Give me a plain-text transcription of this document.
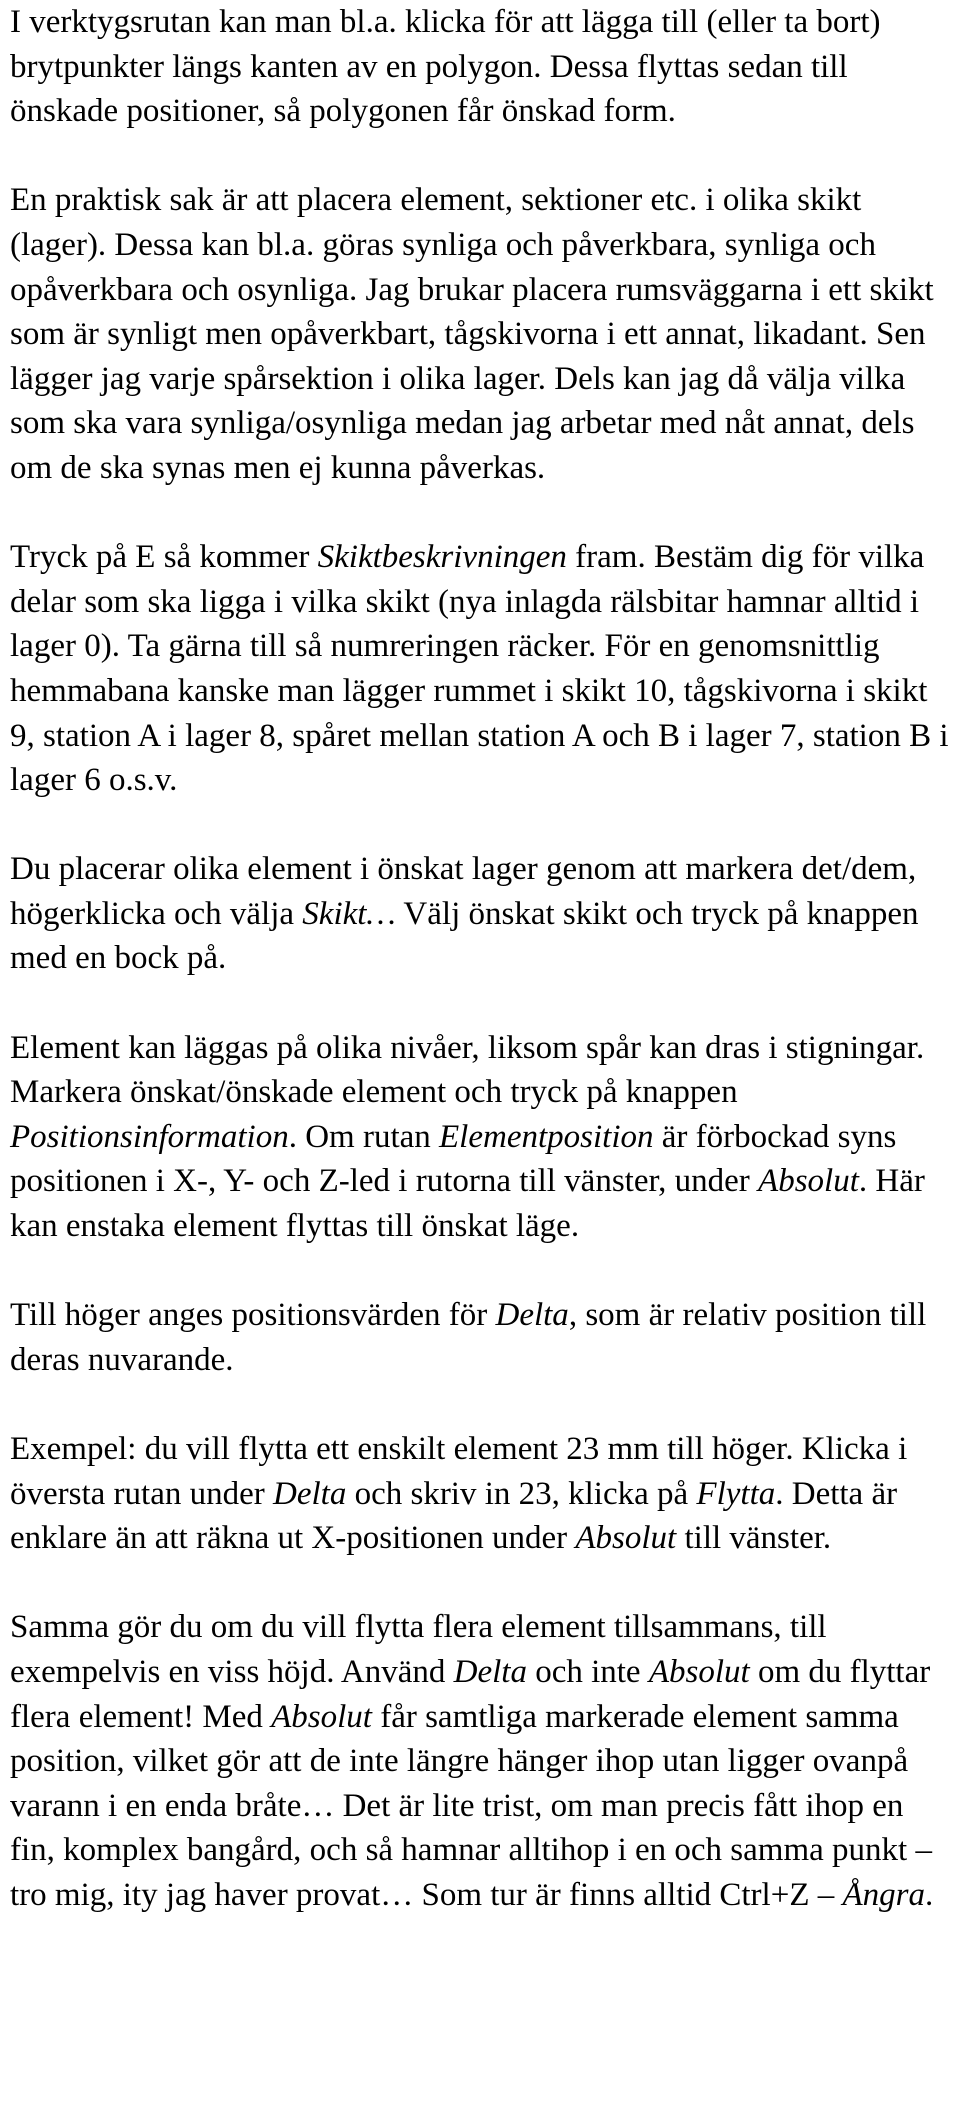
I verktygsrutan kan man bl.a. klicka för att lägga till (eller ta bort) brytpunkter längs kanten av en polygon. Dessa flyttas sedan till önskade positioner, så polygonen får önskad form.

En praktisk sak är att placera element, sektioner etc. i olika skikt (lager). Dessa kan bl.a. göras synliga och påverkbara, synliga och opåverkbara och osynliga. Jag brukar placera rumsväggarna i ett skikt som är synligt men opåverkbart, tågskivorna i ett annat, likadant. Sen lägger jag varje spårsektion i olika lager. Dels kan jag då välja vilka som ska vara synliga/osynliga medan jag arbetar med nåt annat, dels om de ska synas men ej kunna påverkas.

Tryck på E så kommer Skiktbeskrivningen fram. Bestäm dig för vilka delar som ska ligga i vilka skikt (nya inlagda rälsbitar hamnar alltid i lager 0). Ta gärna till så numreringen räcker. För en genomsnittlig hemmabana kanske man lägger rummet i skikt 10, tågskivorna i skikt 9, station A i lager 8, spåret mellan station A och B i lager 7, station B i lager 6 o.s.v.

Du placerar olika element i önskat lager genom att markera det/dem, högerklicka och välja Skikt… Välj önskat skikt och tryck på knappen med en bock på.

Element kan läggas på olika nivåer, liksom spår kan dras i stigningar. Markera önskat/önskade element och tryck på knappen Positionsinformation. Om rutan Elementposition är förbockad syns positionen i X-, Y- och Z-led i rutorna till vänster, under Absolut. Här kan enstaka element flyttas till önskat läge.

Till höger anges positionsvärden för Delta, som är relativ position till deras nuvarande.

Exempel: du vill flytta ett enskilt element 23 mm till höger. Klicka i översta rutan under Delta och skriv in 23, klicka på Flytta. Detta är enklare än att räkna ut X-positionen under Absolut till vänster.

Samma gör du om du vill flytta flera element tillsammans, till exempelvis en viss höjd. Använd Delta och inte Absolut om du flyttar flera element! Med Absolut får samtliga markerade element samma position, vilket gör att de inte längre hänger ihop utan ligger ovanpå varann i en enda bråte… Det är lite trist, om man precis fått ihop en fin, komplex bangård, och så hamnar alltihop i en och samma punkt – tro mig, ity jag haver provat… Som tur är finns alltid Ctrl+Z – Ångra.
